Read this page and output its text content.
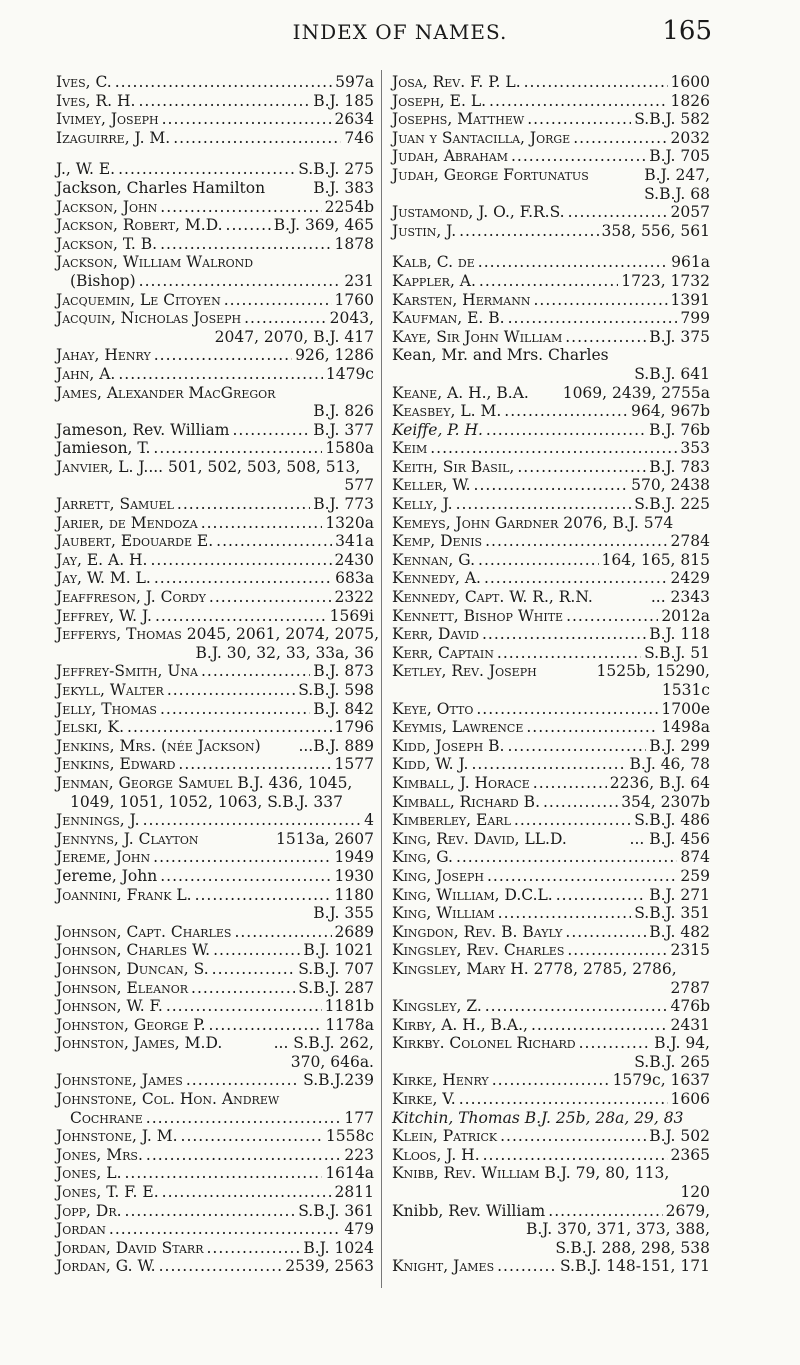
INDEX OF NAMES.	165
Ives, C. .....	597a
Ives, R. H. .....	B.J. 185
Ivimey, Joseph .....	2634
Izaguirre, J. M. .....	746
J., W. E. .....	S.B.J. 275
Jackson, Charles Hamilton	B.J. 383
Jackson, John .....	2254b
Jackson, Robert, M.D. .....	B.J. 369, 465
Jackson, T. B. .....	1878
Jackson, William Walrond
(Bishop) .....	231
Jacquemin, Le Citoyen .....	1760
Jacquin, Nicholas Joseph .....	2043,
2047, 2070, B.J. 417
Jahay, Henry .....	926, 1286
Jahn, A. .....	1479c
James, Alexander MacGregor
B.J. 826
Jameson, Rev. William .....	B.J. 377
Jamieson, T. .....	1580a
Janvier, L. J.... 501, 502, 503, 508, 513,
577
Jarrett, Samuel .....	B.J. 773
Jarier, de Mendoza .....	1320a
Jaubert, Edouarde E. .....	341a
Jay, E. A. H. .....	2430
Jay, W. M. L. .....	683a
Jeaffreson, J. Cordy .....	2322
Jeffrey, W. J. .....	1569i
Jefferys, Thomas 2045, 2061, 2074, 2075,
B.J. 30, 32, 33, 33a, 36
Jeffrey-Smith, Una .....	B.J. 873
Jekyll, Walter .....	S.B.J. 598
Jelly, Thomas .....	B.J. 842
Jelski, K. .....	1796
Jenkins, Mrs. (née Jackson) ...B.J. 889
Jenkins, Edward .....	1577
Jenman, George Samuel B.J. 436, 1045,
1049, 1051, 1052, 1063, S.B.J. 337
Jennings, J. .....	4
Jennyns, J. Clayton	1513a, 2607
Jereme, John .....	1949
Jereme, John .....	1930
Joannini, Frank L. .....	1180
B.J. 355
Johnson, Capt. Charles .....	2689
Johnson, Charles W. .....	B.J. 1021
Johnson, Duncan, S. .....	S.B.J. 707
Johnson, Eleanor .....	S.B.J. 287
Johnson, W. F. .....	1181b
Johnston, George P. .....	1178a
Johnston, James, M.D.	... S.B.J. 262,
370, 646a.
Johnstone, James .....	S.B.J.239
Johnstone, Col. Hon. Andrew
Cochrane .....	177
Johnstone, J. M. .....	1558c
Jones, Mrs. .....	223
Jones, L. .....	1614a
Jones, T. F. E. .....	2811
Jopp, Dr. .....	S.B.J. 361
Jordan .....	479
Jordan, David Starr .....	B.J. 1024
Jordan, G. W. .....	2539, 2563
Josa, Rev. F. P. L. .....	1600
Joseph, E. L. .....	1826
Josephs, Matthew .....	S.B.J. 582
Juan y Santacilla, Jorge .....	2032
Judah, Abraham .....	B.J. 705
Judah, George Fortunatus	B.J. 247,
S.B.J. 68
Justamond, J. O., F.R.S. .....	2057
Justin, J. .....	358, 556, 561
Kalb, C. de .....	961a
Kappler, A. .....	1723, 1732
Karsten, Hermann .....	1391
Kaufman, E. B. .....	799
Kaye, Sir John William .....	B.J. 375
Kean, Mr. and Mrs. Charles
S.B.J. 641
Keane, A. H., B.A. 1069, 2439, 2755a
Keasbey, L. M. .....	964, 967b
Keiffe, P. H. .....	B.J. 76b
Keim .....	353
Keith, Sir Basil, .....	B.J. 783
Keller, W. .....	570, 2438
Kelly, J. .....	S.B.J. 225
Kemeys, John Gardner 2076, B.J. 574
Kemp, Denis .....	2784
Kennan, G. .....	164, 165, 815
Kennedy, A. .....	2429
Kennedy, Capt. W. R., R.N.	... 2343
Kennett, Bishop White .....	2012a
Kerr, David .....	B.J. 118
Kerr, Captain .....	S.B.J. 51
Ketley, Rev. Joseph	1525b, 15290,
1531c
Keye, Otto .....	1700e
Keymis, Lawrence .....	1498a
Kidd, Joseph B. .....	B.J. 299
Kidd, W. J. .....	B.J. 46, 78
Kimball, J. Horace .....	2236, B.J. 64
Kimball, Richard B. .....	354, 2307b
Kimberley, Earl .....	S.B.J. 486
King, Rev. David, LL.D.	... B.J. 456
King, G. .....	874
King, Joseph .....	259
King, William, D.C.L. .....	B.J. 271
King, William .....	S.B.J. 351
Kingdon, Rev. B. Bayly .....	B.J. 482
Kingsley, Rev. Charles .....	2315
Kingsley, Mary H. 2778, 2785, 2786,
2787
Kingsley, Z. .....	476b
Kirby, A. H., B.A., .....	2431
Kirkby. Colonel Richard .....	B.J. 94,
S.B.J. 265
Kirke, Henry .....	1579c, 1637
Kirke, V. .....	1606
Kitchin, Thomas B.J. 25b, 28a, 29, 83
Klein, Patrick .....	B.J. 502
Kloos, J. H. .....	2365
Knibb, Rev. William B.J. 79, 80, 113,
120
Knibb, Rev. William .....	2679,
B.J. 370, 371, 373, 388,
S.B.J. 288, 298, 538
Knight, James .....	S.B.J. 148-151, 171
